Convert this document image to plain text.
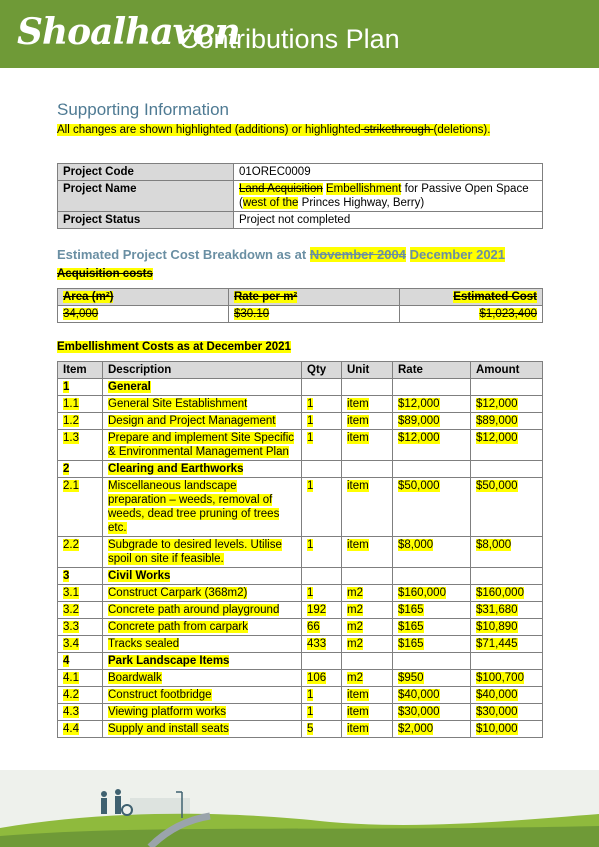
Shoalhaven
Contributions Plan
Supporting Information
All changes are shown highlighted (additions) or highlighted strikethrough (deletions).
Project Code	01OREC0009
Project Name	Land Acquisition Embellishment for Passive Open Space (west of the Princes Highway, Berry)
Project Status	Project not completed
Estimated Project Cost Breakdown as at November 2004 December 2021
Acquisition costs
Area (m²)	Rate per m²	Estimated Cost
34,000	$30.10	$1,023,400
Embellishment Costs as at December 2021
Item	Description	Qty	Unit	Rate	Amount
1	General				
1.1	General Site Establishment	1	item	$12,000	$12,000
1.2	Design and Project Management	1	item	$89,000	$89,000
1.3	Prepare and implement Site Specific & Environmental Management Plan	1	item	$12,000	$12,000
2	Clearing and Earthworks				
2.1	Miscellaneous landscape preparation – weeds, removal of weeds, dead tree pruning of trees etc.	1	item	$50,000	$50,000
2.2	Subgrade to desired levels. Utilise spoil on site if feasible.	1	item	$8,000	$8,000
3	Civil Works				
3.1	Construct Carpark (368m2)	1	m2	$160,000	$160,000
3.2	Concrete path around playground	192	m2	$165	$31,680
3.3	Concrete path from carpark	66	m2	$165	$10,890
3.4	Tracks sealed	433	m2	$165	$71,445
4	Park Landscape Items				
4.1	Boardwalk	106	m2	$950	$100,700
4.2	Construct footbridge	1	item	$40,000	$40,000
4.3	Viewing platform works	1	item	$30,000	$30,000
4.4	Supply and install seats	5	item	$2,000	$10,000
